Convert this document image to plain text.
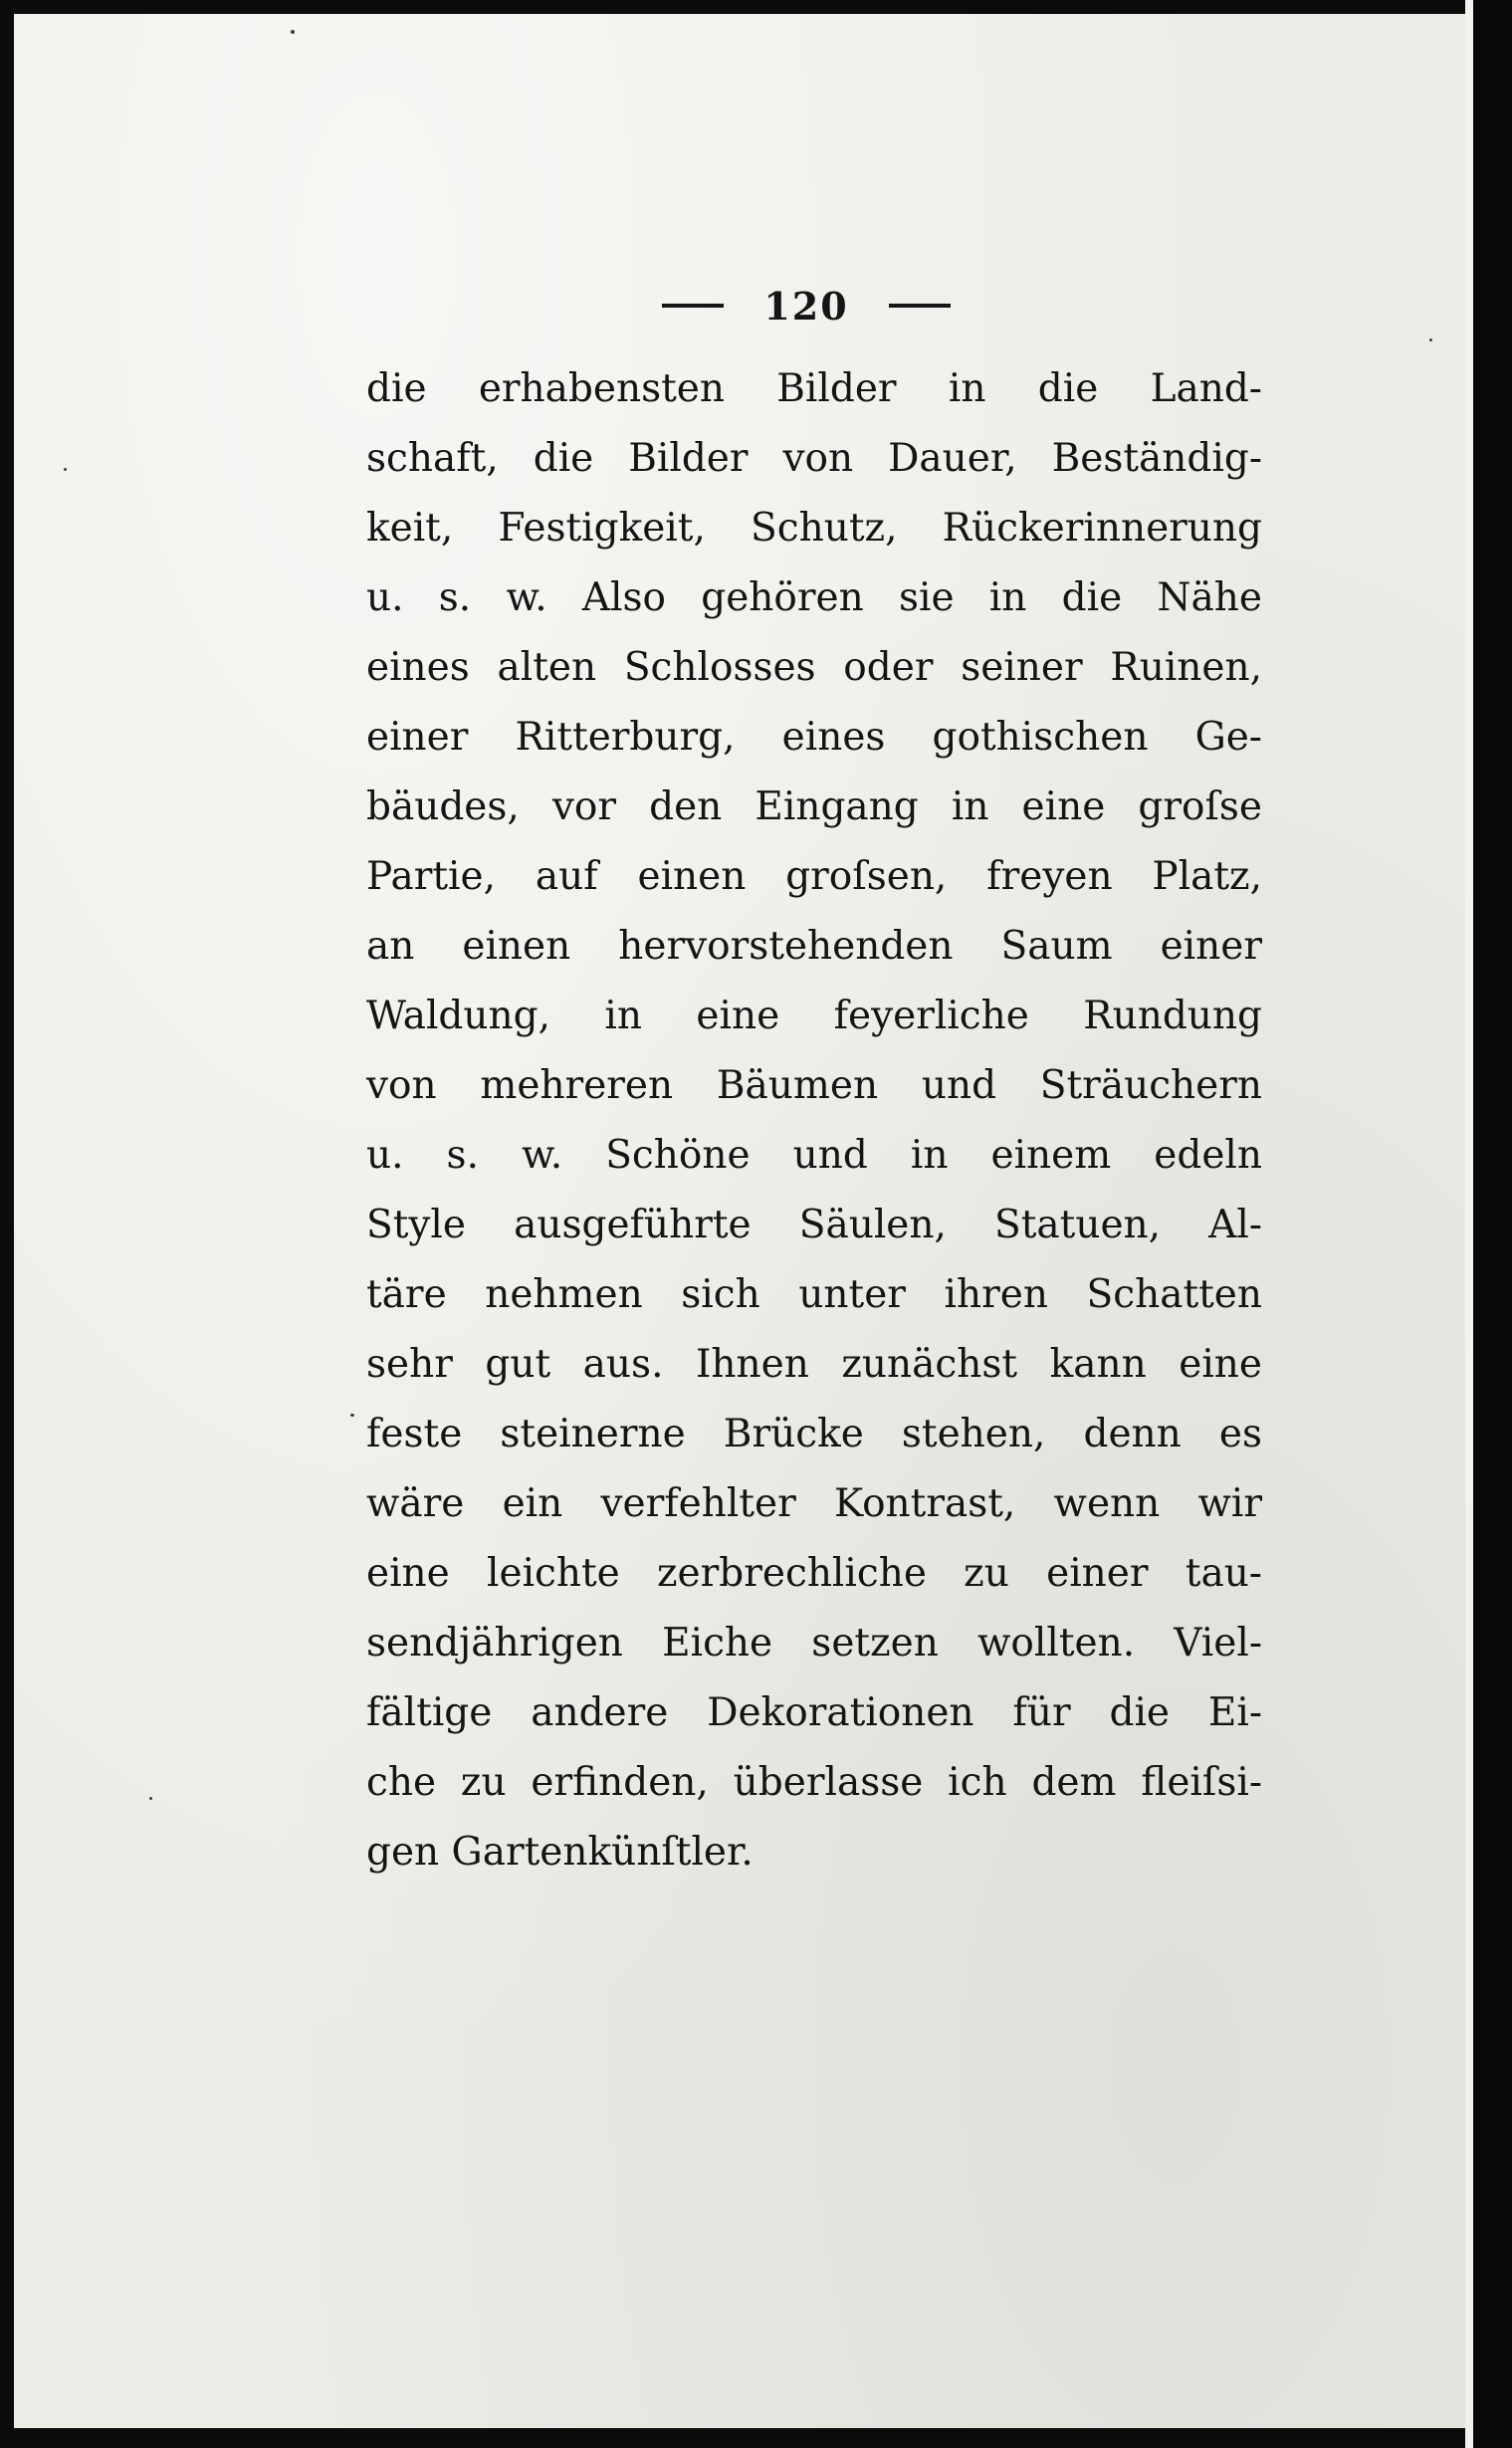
120
die erhabensten Bilder in die Land-
schaft, die Bilder von Dauer, Beständig-
keit, Festigkeit, Schutz, Rückerinnerung
u. s. w. Also gehören sie in die Nähe
eines alten Schlosses oder seiner Ruinen,
einer Ritterburg, eines gothischen Ge-
bäudes, vor den Eingang in eine groſse
Partie, auf einen groſsen, freyen Platz,
an einen hervorstehenden Saum einer
Waldung, in eine feyerliche Rundung
von mehreren Bäumen und Sträuchern
u. s. w. Schöne und in einem edeln
Style ausgeführte Säulen, Statuen, Al-
täre nehmen sich unter ihren Schatten
sehr gut aus. Ihnen zunächst kann eine
feste steinerne Brücke stehen, denn es
wäre ein verfehlter Kontrast, wenn wir
eine leichte zerbrechliche zu einer tau-
sendjährigen Eiche setzen wollten. Viel-
fältige andere Dekorationen für die Ei-
che zu erfinden, überlasse ich dem fleiſsi-
gen Gartenkünſtler.
